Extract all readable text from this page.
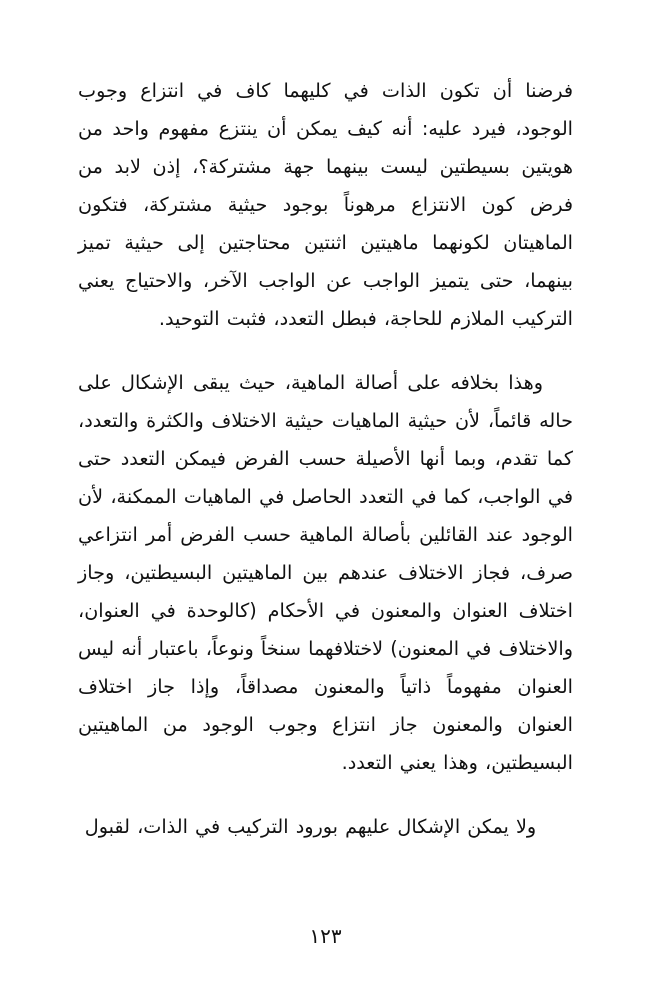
فرضنا أن تكون الذات في كليهما كاف في انتزاع وجوب الوجود، فيرد عليه: أنه كيف يمكن أن ينتزع مفهوم واحد من هويتين بسيطتين ليست بينهما جهة مشتركة؟، إذن لابد من فرض كون الانتزاع مرهوناً بوجود حيثية مشتركة، فتكون الماهيتان لكونهما ماهيتين اثنتين محتاجتين إلى حيثية تميز بينهما، حتى يتميز الواجب عن الواجب الآخر، والاحتياج يعني التركيب الملازم للحاجة، فبطل التعدد، فثبت التوحيد.

وهذا بخلافه على أصالة الماهية، حيث يبقى الإشكال على حاله قائماً، لأن حيثية الماهيات حيثية الاختلاف والكثرة والتعدد، كما تقدم، وبما أنها الأصيلة حسب الفرض فيمكن التعدد حتى في الواجب، كما في التعدد الحاصل في الماهيات الممكنة، لأن الوجود عند القائلين بأصالة الماهية حسب الفرض أمر انتزاعي صرف، فجاز الاختلاف عندهم بين الماهيتين البسيطتين، وجاز اختلاف العنوان والمعنون في الأحكام (كالوحدة في العنوان، والاختلاف في المعنون) لاختلافهما سنخاً ونوعاً، باعتبار أنه ليس العنوان مفهوماً ذاتياً والمعنون مصداقاً، وإذا جاز اختلاف العنوان والمعنون جاز انتزاع وجوب الوجود من الماهيتين البسيطتين، وهذا يعني التعدد.

ولا يمكن الإشكال عليهم بورود التركيب في الذات، لقبول

١٢٣
